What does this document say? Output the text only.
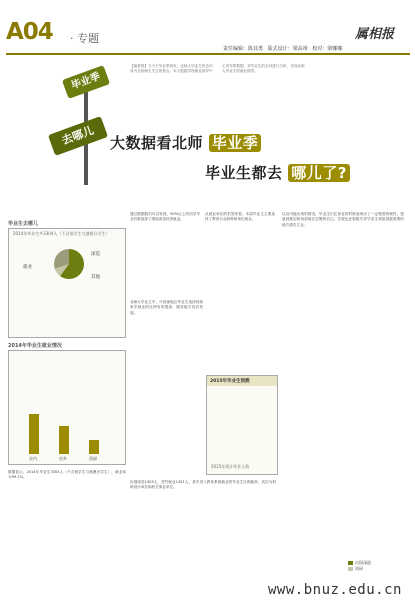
A04 · 专题	属相报
责任编辑：陈其勇 版式设计：梁高靖 校对：梁娜娜
毕业季
去哪儿 大数据看北师 毕业季
毕业生都去 哪儿了?
【编者按】当今天毕业季到来，北师大毕业生的去向成为全校师生关注的焦点。本文根据学校就业指导中心发布的数据，对毕业生的去向进行分析，呈现北师大毕业生的就业图景。
毕业生去哪儿
2014年毕业生共3304人（不含留学生与港澳台学生）
深造
就业
其他
2014年毕业生就业情况
京内	京外	西部
通过数据我们可以发现，90%以上的同学毕业后都选择了继续深造或者就业。
从就业单位的类型来看，本届毕业生主要选择了教育行业和科研单位就业。
以及可能出现的情况，毕业生们在择业的时候表现出了一定程度的理性，愿意到基层和西部地区去锻炼自己。学校也在积极引导毕业生到祖国最需要的地方建功立业。
北师大毕业生中，中西部地区毕业生选择回到家乡就业的比例有所提高，服务地方经济发展。
数据显示，2014年毕业生3303人（不含留学生与港澳台学生），就业率为99.1%。
出国深造1305人，签约就业1451人，其中进入教育系统就业的毕业生比例最高，其次为科研设计单位和机关事业单位。
2015年毕业生预测
2015年预计毕业人数
出国深造
读研
www.bnuz.edu.cn
